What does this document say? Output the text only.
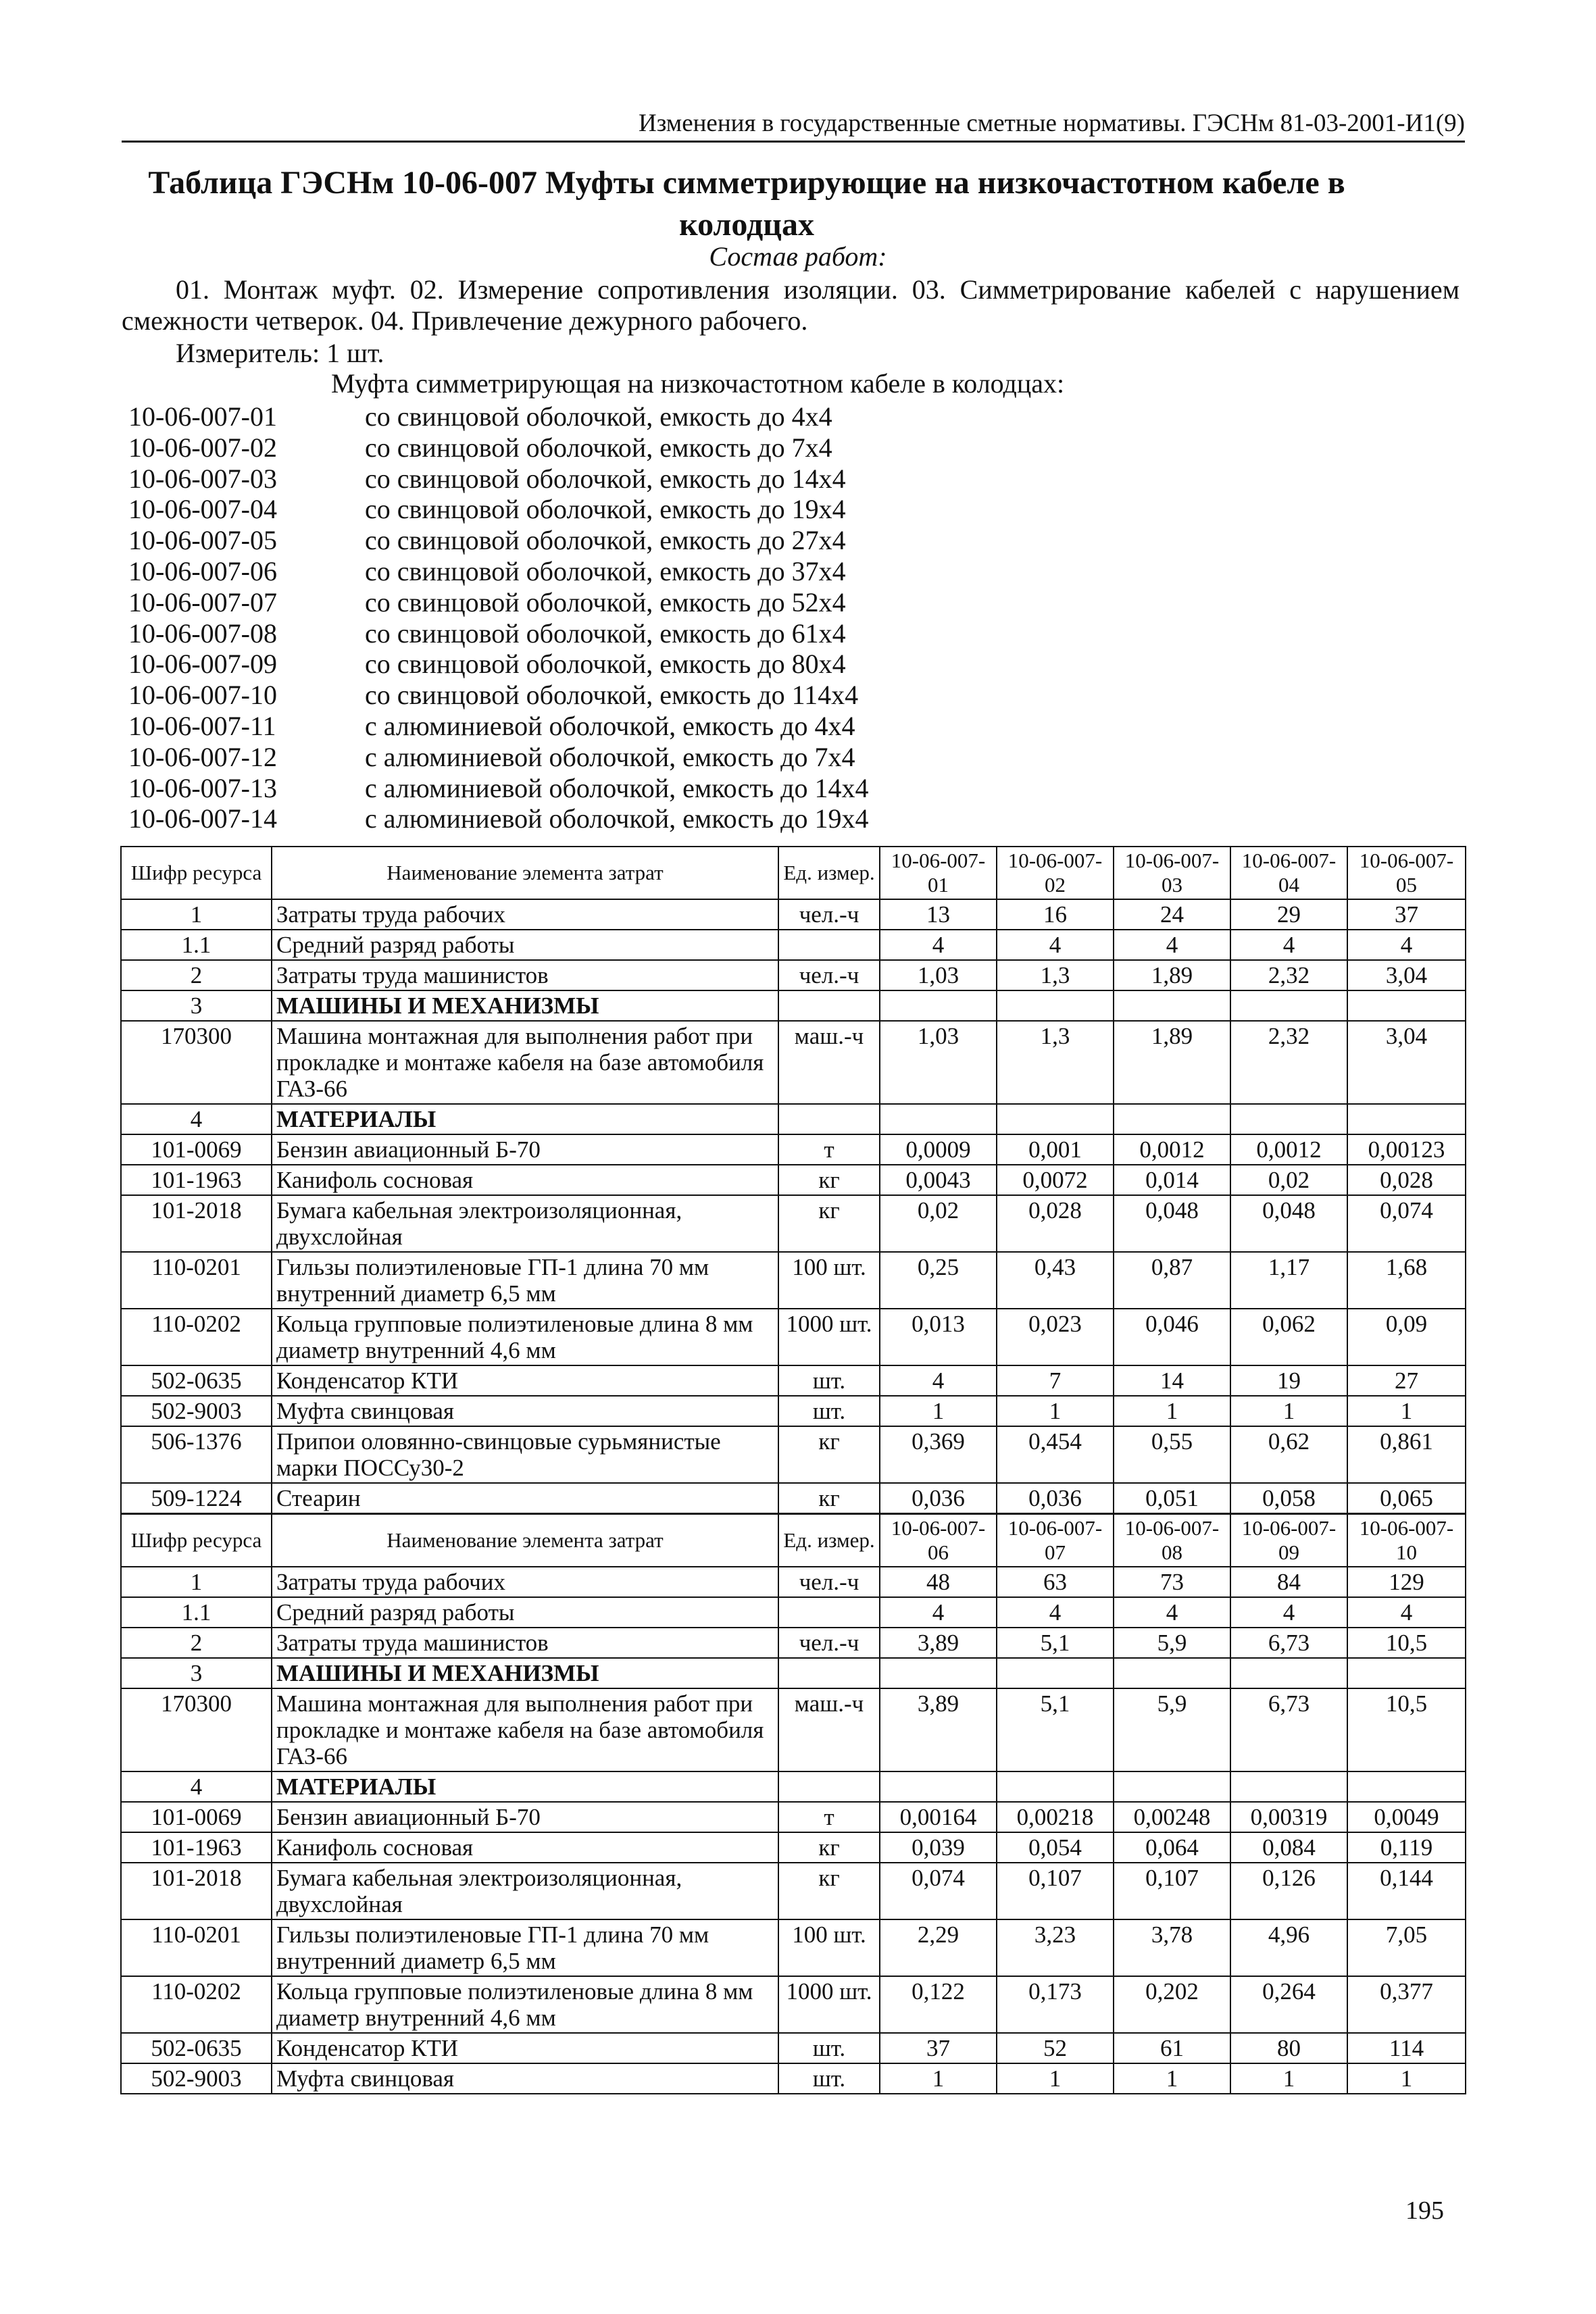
Изменения в государственные сметные нормативы. ГЭСНм 81-03-2001-И1(9)
Таблица ГЭСНм 10-06-007 Муфты симметрирующие на низкочастотном кабеле в колодцах
Состав работ:
01. Монтаж муфт. 02. Измерение сопротивления изоляции. 03. Симметрирование кабелей с нарушением смежности четверок. 04. Привлечение дежурного рабочего.
Измеритель: 1 шт.
Муфта симметрирующая на низкочастотном кабеле в колодцах:
10-06-007-01	со свинцовой оболочкой, емкость до 4х4
10-06-007-02	со свинцовой оболочкой, емкость до 7х4
10-06-007-03	со свинцовой оболочкой, емкость до 14х4
10-06-007-04	со свинцовой оболочкой, емкость до 19х4
10-06-007-05	со свинцовой оболочкой, емкость до 27х4
10-06-007-06	со свинцовой оболочкой, емкость до 37х4
10-06-007-07	со свинцовой оболочкой, емкость до 52х4
10-06-007-08	со свинцовой оболочкой, емкость до 61х4
10-06-007-09	со свинцовой оболочкой, емкость до 80х4
10-06-007-10	со свинцовой оболочкой, емкость до 114х4
10-06-007-11	с алюминиевой оболочкой, емкость до 4х4
10-06-007-12	с алюминиевой оболочкой, емкость до 7х4
10-06-007-13	с алюминиевой оболочкой, емкость до 14х4
10-06-007-14	с алюминиевой оболочкой, емкость до 19х4
Шифр ресурса	Наименование элемента затрат	Ед. измер.	10-06-007-01	10-06-007-02	10-06-007-03	10-06-007-04	10-06-007-05
1	Затраты труда рабочих	чел.-ч	13	16	24	29	37
1.1	Средний разряд работы		4	4	4	4	4
2	Затраты труда машинистов	чел.-ч	1,03	1,3	1,89	2,32	3,04
3	МАШИНЫ И МЕХАНИЗМЫ						
170300	Машина монтажная для выполнения работ при прокладке и монтаже кабеля на базе автомобиля ГАЗ-66	маш.-ч	1,03	1,3	1,89	2,32	3,04
4	МАТЕРИАЛЫ						
101-0069	Бензин авиационный Б-70	т	0,0009	0,001	0,0012	0,0012	0,00123
101-1963	Канифоль сосновая	кг	0,0043	0,0072	0,014	0,02	0,028
101-2018	Бумага кабельная электроизоляционная, двухслойная	кг	0,02	0,028	0,048	0,048	0,074
110-0201	Гильзы полиэтиленовые ГП-1 длина 70 мм внутренний диаметр 6,5 мм	100 шт.	0,25	0,43	0,87	1,17	1,68
110-0202	Кольца групповые полиэтиленовые длина 8 мм диаметр внутренний 4,6 мм	1000 шт.	0,013	0,023	0,046	0,062	0,09
502-0635	Конденсатор КТИ	шт.	4	7	14	19	27
502-9003	Муфта свинцовая	шт.	1	1	1	1	1
506-1376	Припои оловянно-свинцовые сурьмянистые марки ПОССу30-2	кг	0,369	0,454	0,55	0,62	0,861
509-1224	Стеарин	кг	0,036	0,036	0,051	0,058	0,065
Шифр ресурса	Наименование элемента затрат	Ед. измер.	10-06-007-06	10-06-007-07	10-06-007-08	10-06-007-09	10-06-007-10
1	Затраты труда рабочих	чел.-ч	48	63	73	84	129
1.1	Средний разряд работы		4	4	4	4	4
2	Затраты труда машинистов	чел.-ч	3,89	5,1	5,9	6,73	10,5
3	МАШИНЫ И МЕХАНИЗМЫ						
170300	Машина монтажная для выполнения работ при прокладке и монтаже кабеля на базе автомобиля ГАЗ-66	маш.-ч	3,89	5,1	5,9	6,73	10,5
4	МАТЕРИАЛЫ						
101-0069	Бензин авиационный Б-70	т	0,00164	0,00218	0,00248	0,00319	0,0049
101-1963	Канифоль сосновая	кг	0,039	0,054	0,064	0,084	0,119
101-2018	Бумага кабельная электроизоляционная, двухслойная	кг	0,074	0,107	0,107	0,126	0,144
110-0201	Гильзы полиэтиленовые ГП-1 длина 70 мм внутренний диаметр 6,5 мм	100 шт.	2,29	3,23	3,78	4,96	7,05
110-0202	Кольца групповые полиэтиленовые длина 8 мм диаметр внутренний 4,6 мм	1000 шт.	0,122	0,173	0,202	0,264	0,377
502-0635	Конденсатор КТИ	шт.	37	52	61	80	114
502-9003	Муфта свинцовая	шт.	1	1	1	1	1
195
